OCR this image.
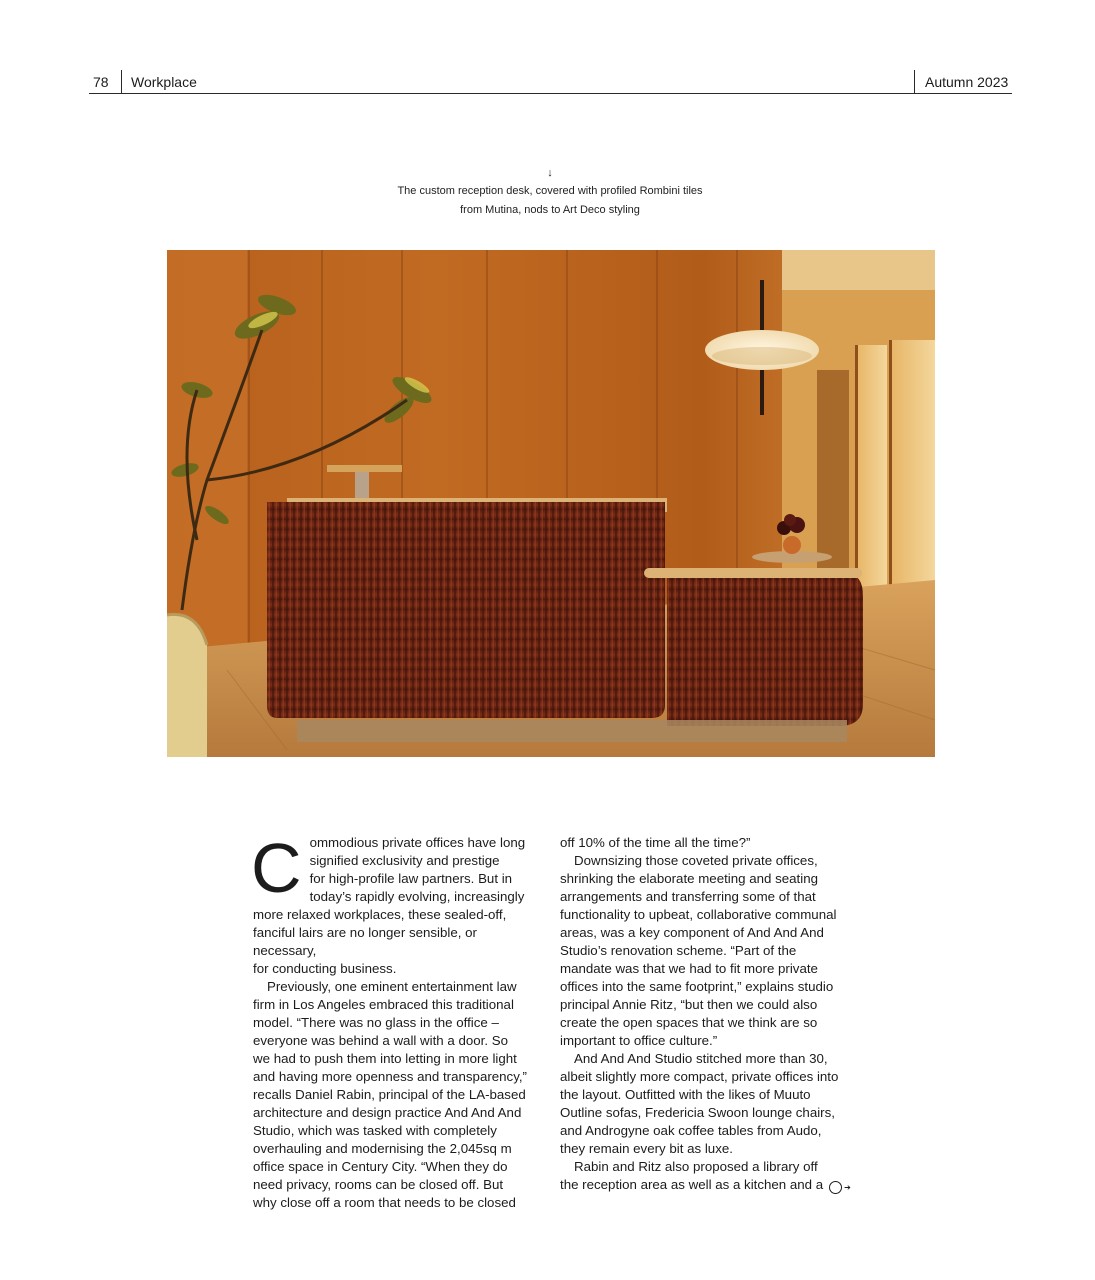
78 Workplace	Autumn 2023
↓
The custom reception desk, covered with profiled Rombini tiles
from Mutina, nods to Art Deco styling
C ommodious private offices have long
signified exclusivity and prestige
for high-profile law partners. But in
today’s rapidly evolving, increasingly
more relaxed workplaces, these sealed-off,
fanciful lairs are no longer sensible, or necessary,
for conducting business.

Previously, one eminent entertainment law
firm in Los Angeles embraced this traditional
model. “There was no glass in the office –
everyone was behind a wall with a door. So
we had to push them into letting in more light
and having more openness and transparency,”
recalls Daniel Rabin, principal of the LA-based
architecture and design practice And And And
Studio, which was tasked with completely
overhauling and modernising the 2,045sq m
office space in Century City. “When they do
need privacy, rooms can be closed off. But
why close off a room that needs to be closed

off 10% of the time all the time?”

Downsizing those coveted private offices,
shrinking the elaborate meeting and seating
arrangements and transferring some of that
functionality to upbeat, collaborative communal
areas, was a key component of And And And
Studio’s renovation scheme. “Part of the
mandate was that we had to fit more private
offices into the same footprint,” explains studio
principal Annie Ritz, “but then we could also
create the open spaces that we think are so
important to office culture.”

And And And Studio stitched more than 30,
albeit slightly more compact, private offices into
the layout. Outfitted with the likes of Muuto
Outline sofas, Fredericia Swoon lounge chairs,
and Androgyne oak coffee tables from Audo,
they remain every bit as luxe.

Rabin and Ritz also proposed a library off
the reception area as well as a kitchen and a	➔
